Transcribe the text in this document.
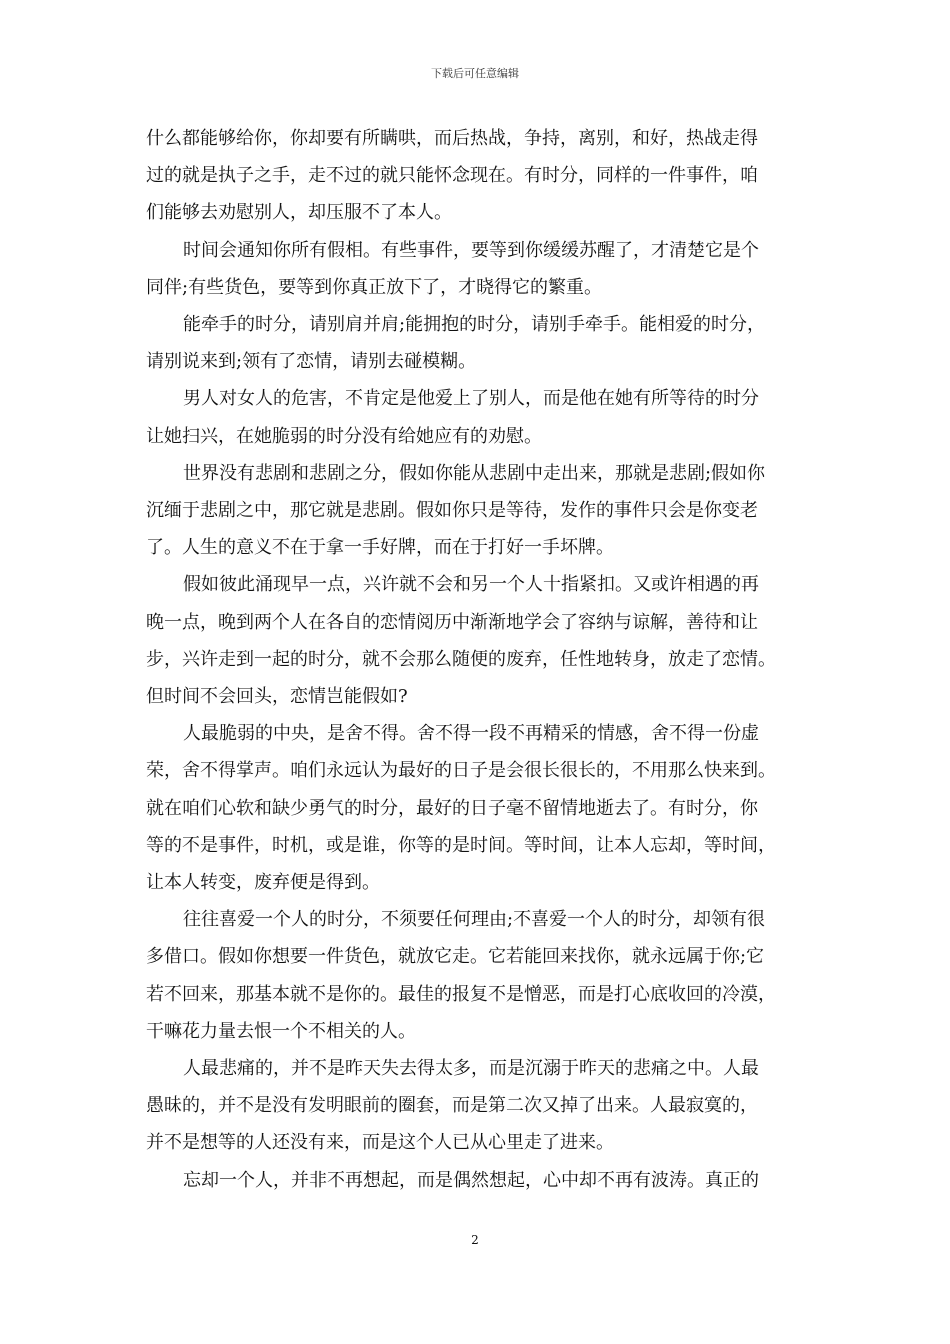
下载后可任意编辑
什么都能够给你，你却要有所瞒哄，而后热战，争持，离别，和好，热战走得
过的就是执子之手，走不过的就只能怀念现在。有时分，同样的一件事件，咱
们能够去劝慰别人，却压服不了本人。
时间会通知你所有假相。有些事件，要等到你缓缓苏醒了，才清楚它是个
同伴;有些货色，要等到你真正放下了，才晓得它的繁重。
能牵手的时分，请别肩并肩;能拥抱的时分，请别手牵手。能相爱的时分，
请别说来到;领有了恋情，请别去碰模糊。
男人对女人的危害，不肯定是他爱上了别人，而是他在她有所等待的时分
让她扫兴，在她脆弱的时分没有给她应有的劝慰。
世界没有悲剧和悲剧之分，假如你能从悲剧中走出来，那就是悲剧;假如你
沉缅于悲剧之中，那它就是悲剧。假如你只是等待，发作的事件只会是你变老
了。人生的意义不在于拿一手好牌，而在于打好一手坏牌。
假如彼此涌现早一点，兴许就不会和另一个人十指紧扣。又或许相遇的再
晚一点，晚到两个人在各自的恋情阅历中渐渐地学会了容纳与谅解，善待和让
步，兴许走到一起的时分，就不会那么随便的废弃，任性地转身，放走了恋情。
但时间不会回头，恋情岂能假如?
人最脆弱的中央，是舍不得。舍不得一段不再精采的情感，舍不得一份虚
荣，舍不得掌声。咱们永远认为最好的日子是会很长很长的，不用那么快来到。
就在咱们心软和缺少勇气的时分，最好的日子毫不留情地逝去了。有时分，你
等的不是事件，时机，或是谁，你等的是时间。等时间，让本人忘却，等时间，
让本人转变，废弃便是得到。
往往喜爱一个人的时分，不须要任何理由;不喜爱一个人的时分，却领有很
多借口。假如你想要一件货色，就放它走。它若能回来找你，就永远属于你;它
若不回来，那基本就不是你的。最佳的报复不是憎恶，而是打心底收回的冷漠，
干嘛花力量去恨一个不相关的人。
人最悲痛的，并不是昨天失去得太多，而是沉溺于昨天的悲痛之中。人最
愚昧的，并不是没有发明眼前的圈套，而是第二次又掉了出来。人最寂寞的，
并不是想等的人还没有来，而是这个人已从心里走了进来。
忘却一个人，并非不再想起，而是偶然想起，心中却不再有波涛。真正的
2
